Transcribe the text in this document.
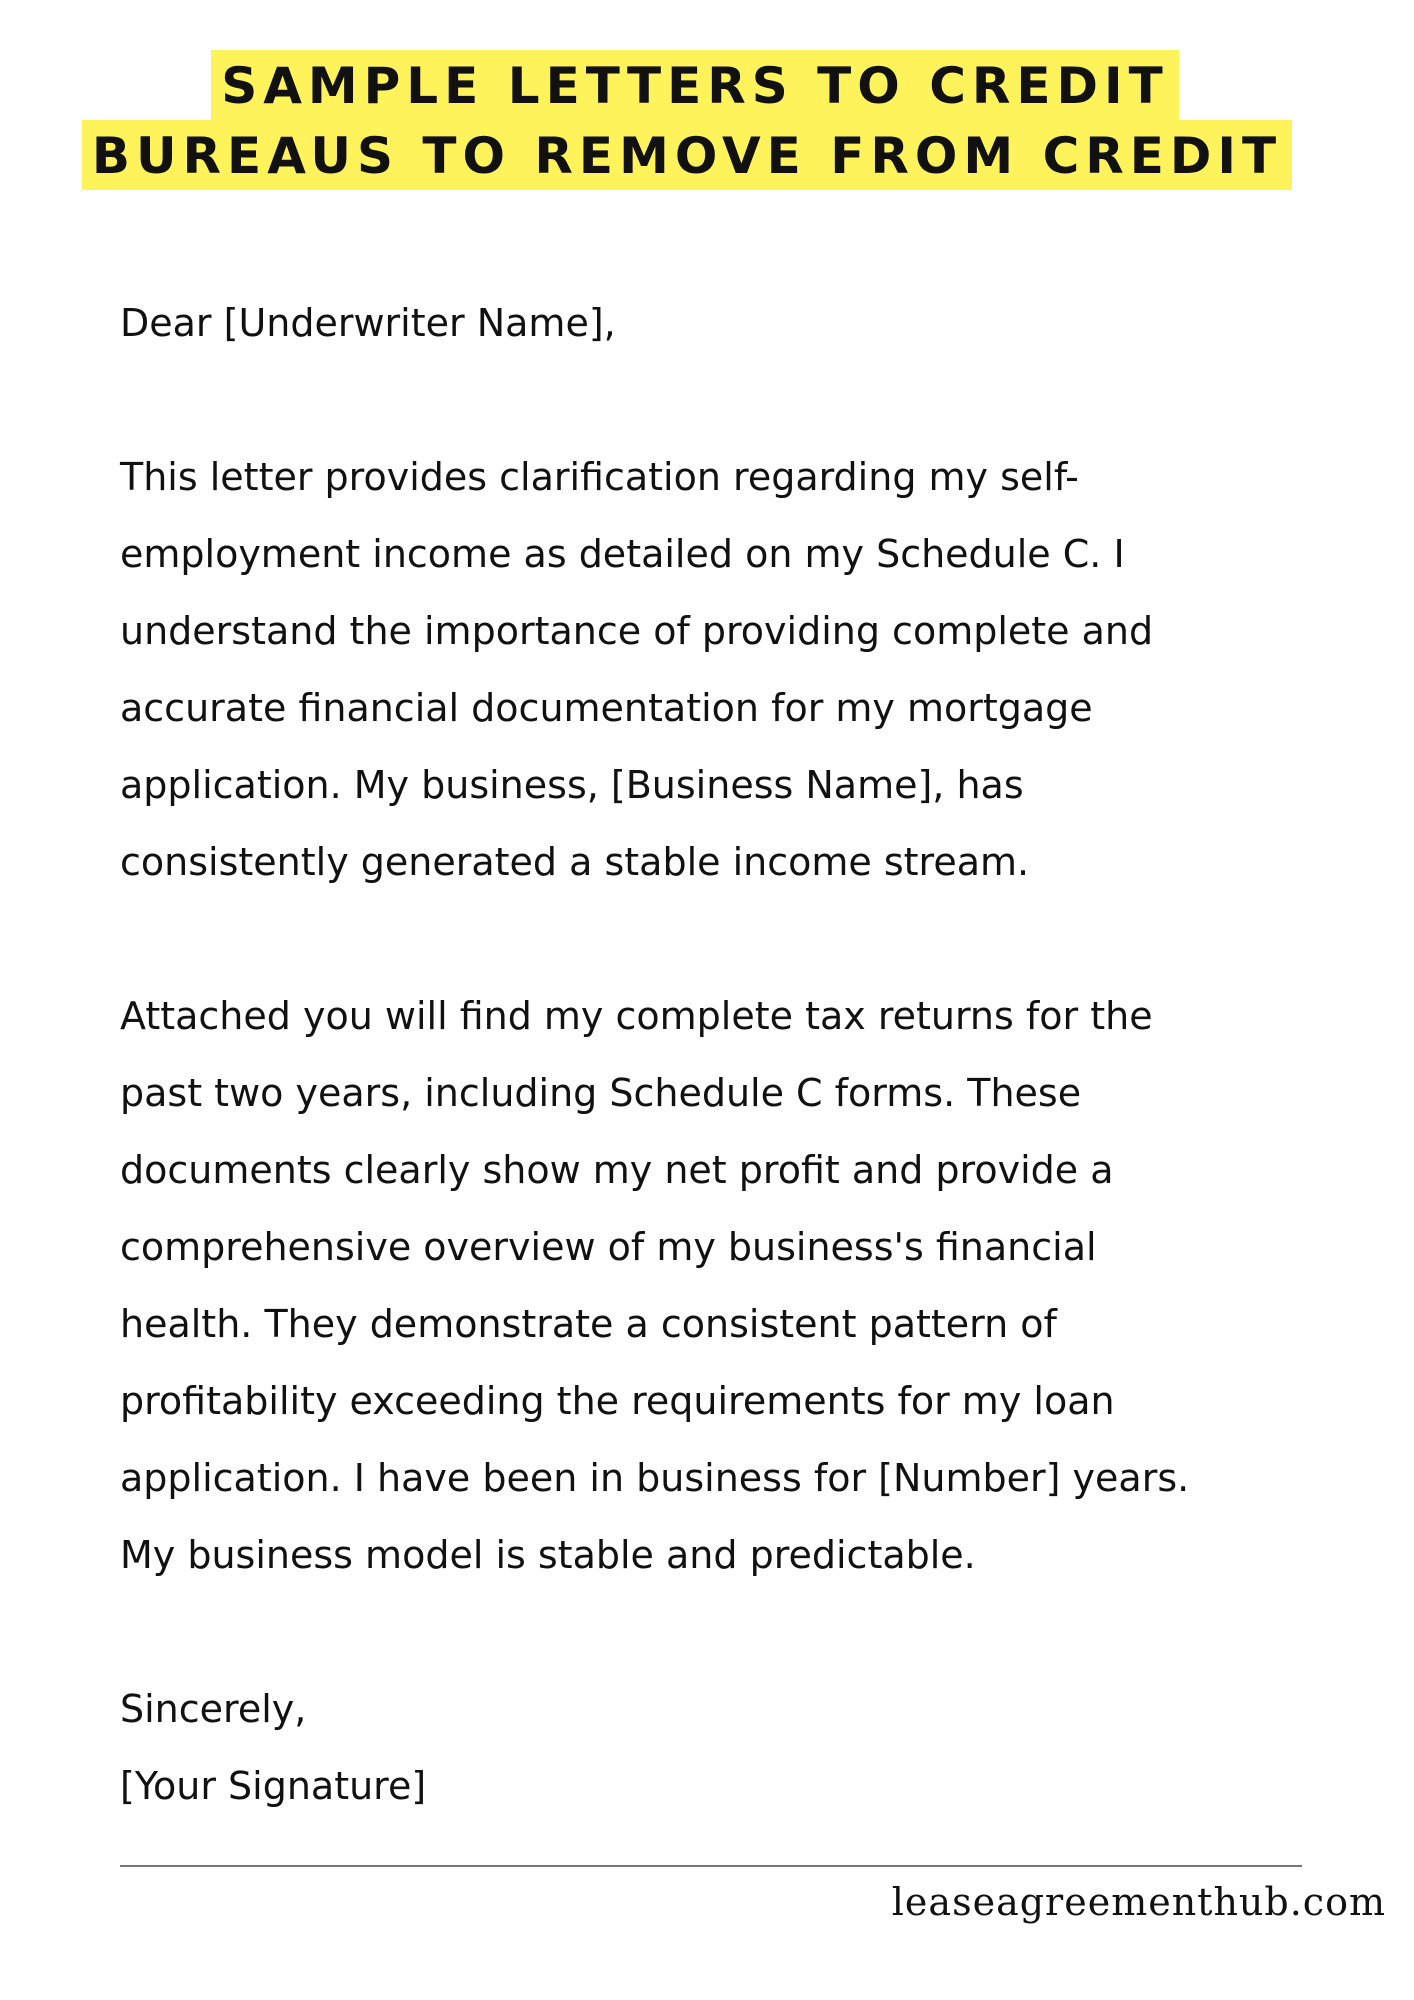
SAMPLE LETTERS TO CREDIT
BUREAUS TO REMOVE FROM CREDIT
Dear [Underwriter Name],
This letter provides clarification regarding my self-
employment income as detailed on my Schedule C. I
understand the importance of providing complete and
accurate financial documentation for my mortgage
application. My business, [Business Name], has
consistently generated a stable income stream.
Attached you will find my complete tax returns for the
past two years, including Schedule C forms. These
documents clearly show my net profit and provide a
comprehensive overview of my business's financial
health. They demonstrate a consistent pattern of
profitability exceeding the requirements for my loan
application. I have been in business for [Number] years.
My business model is stable and predictable.
Sincerely,
[Your Signature]
leaseagreementhub.com
